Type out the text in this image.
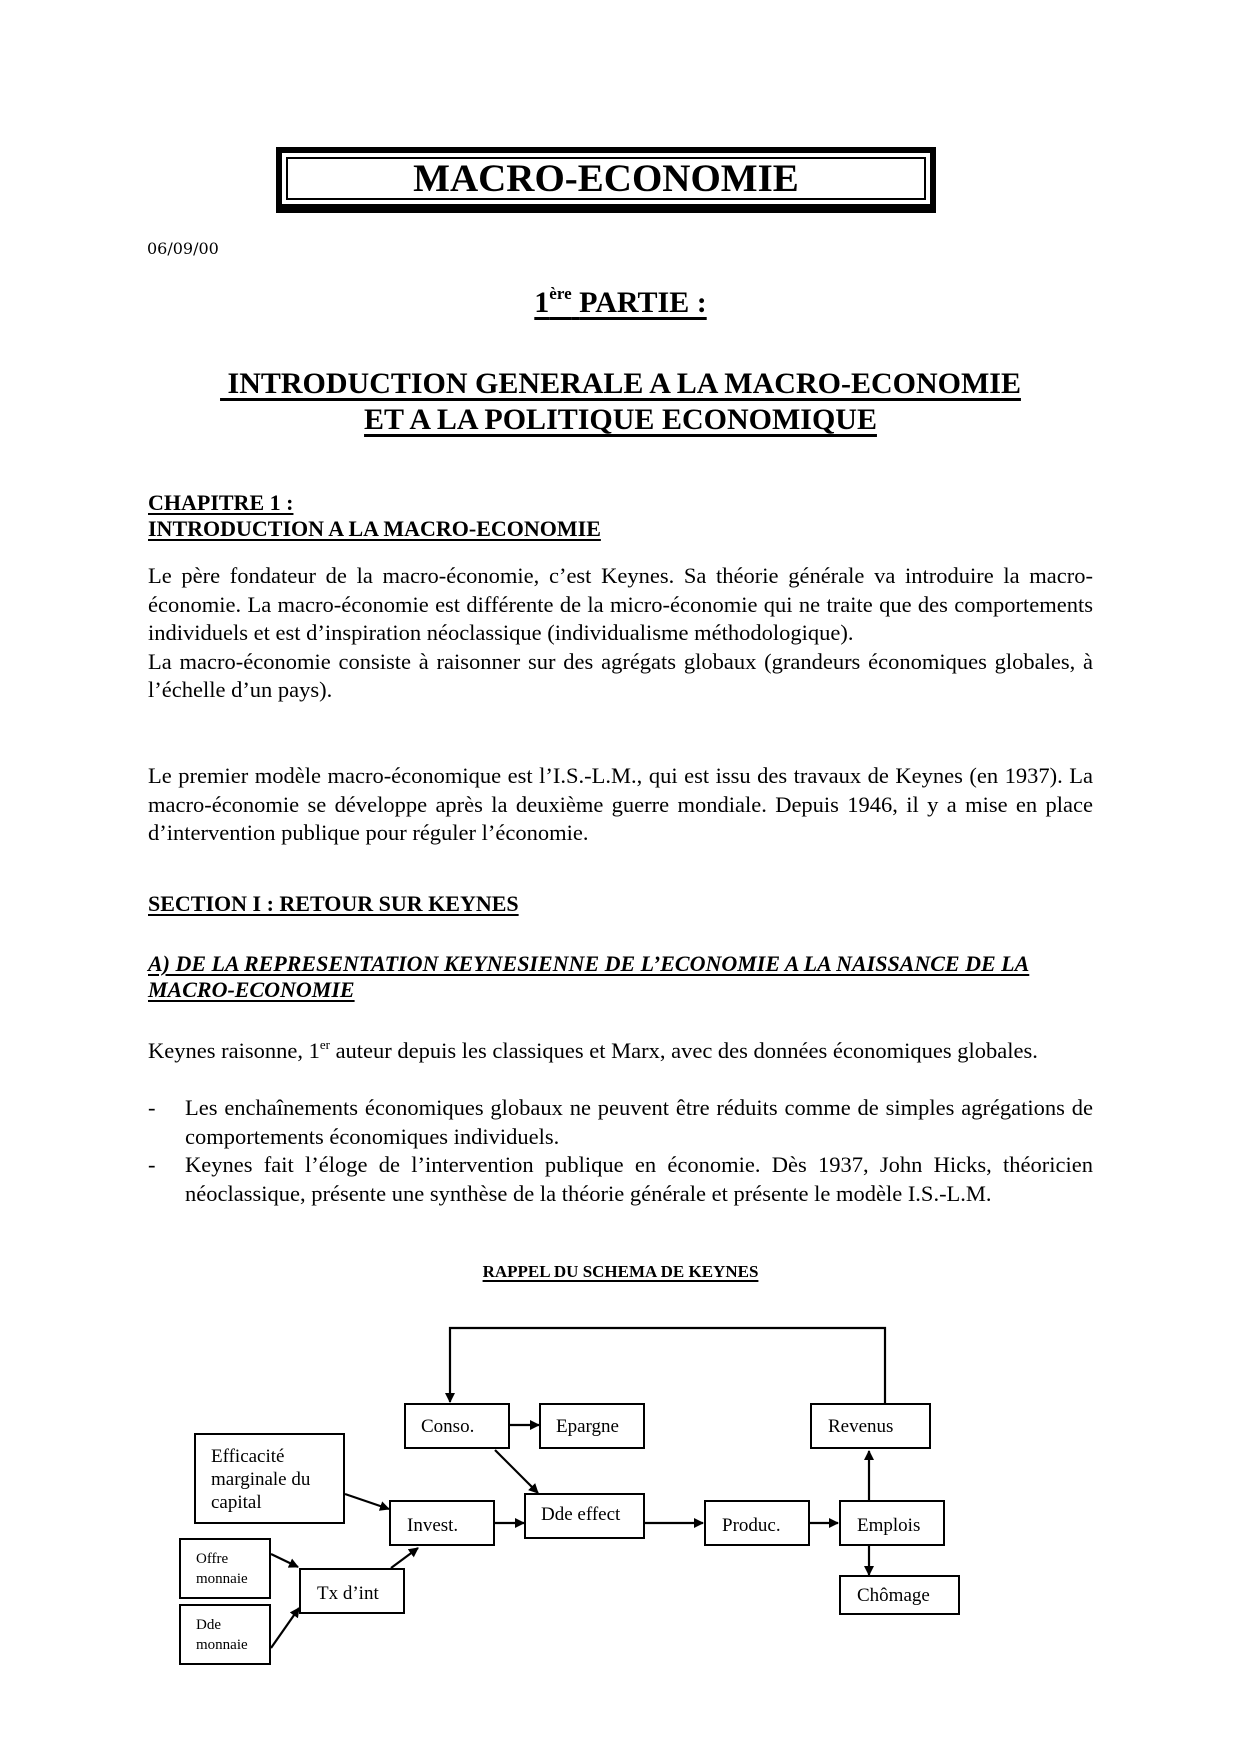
MACRO-ECONOMIE
06/09/00
1ère PARTIE :
INTRODUCTION GENERALE A LA MACRO-ECONOMIE
ET A LA POLITIQUE ECONOMIQUE
CHAPITRE 1 :
INTRODUCTION A LA MACRO-ECONOMIE

Le père fondateur de la macro-économie, c’est Keynes. Sa théorie générale va introduire la macro-économie. La macro-économie est différente de la micro-économie qui ne traite que des comportements individuels et est d’inspiration néoclassique (individualisme méthodologique).

La macro-économie consiste à raisonner sur des agrégats globaux (grandeurs économiques globales, à l’échelle d’un pays).

Le premier modèle macro-économique est l’I.S.-L.M., qui est issu des travaux de Keynes (en 1937). La macro-économie se développe après la deuxième guerre mondiale. Depuis 1946, il y a mise en place d’intervention publique pour réguler l’économie.

SECTION I : RETOUR SUR KEYNES
A) DE LA REPRESENTATION KEYNESIENNE DE L’ECONOMIE A LA NAISSANCE DE LA MACRO-ECONOMIE

Keynes raisonne, 1er auteur depuis les classiques et Marx, avec des données économiques globales.

-	Les enchaînements économiques globaux ne peuvent être réduits comme de simples agrégations de comportements économiques individuels.
-	Keynes fait l’éloge de l’intervention publique en économie. Dès 1937, John Hicks, théoricien néoclassique, présente une synthèse de la théorie générale et présente le modèle I.S.-L.M.
RAPPEL DU SCHEMA DE KEYNES
Conso.	Epargne	Revenus
Efficacité marginale du capital
Invest.
Dde effect
Produc.	Emplois
Offre monnaie
Tx d’int
Dde monnaie
Chômage
